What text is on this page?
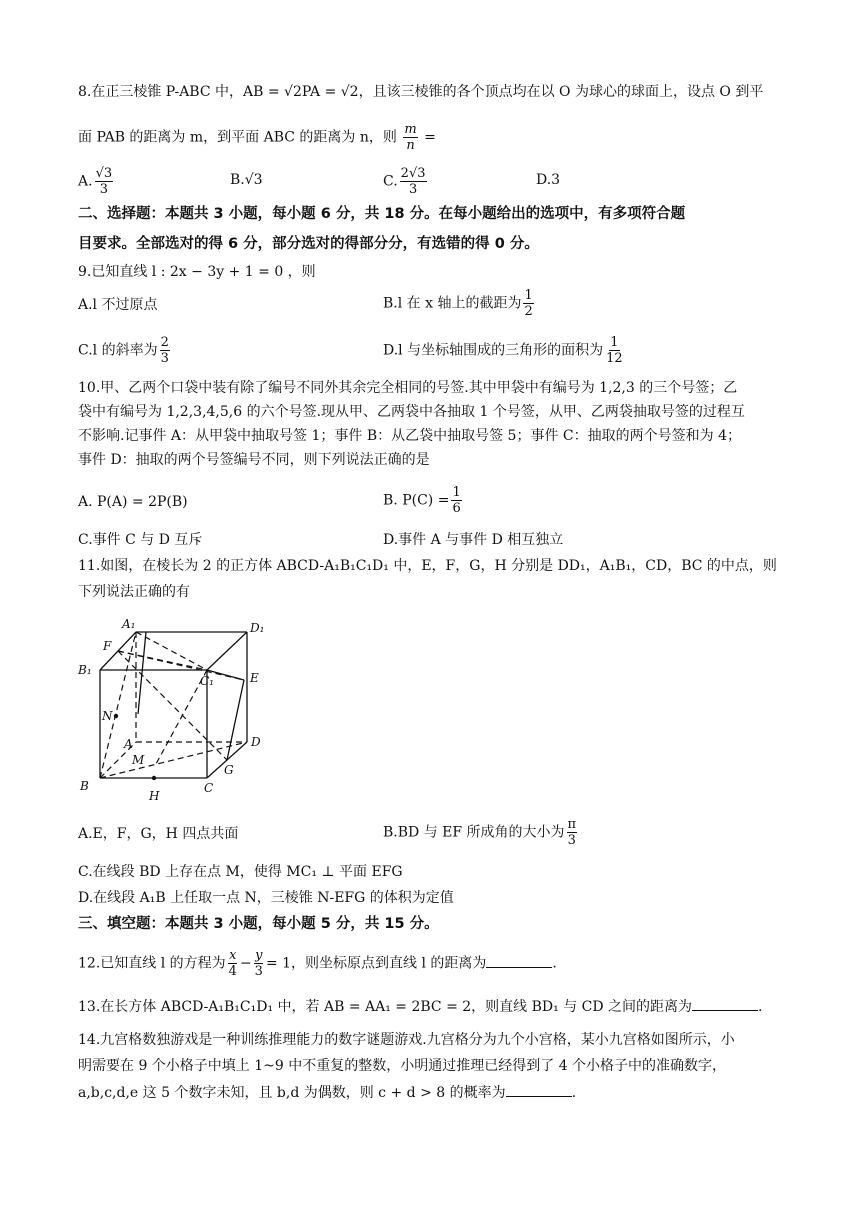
8.在正三棱锥 P-ABC 中，AB = √2PA = √2，且该三棱锥的各个顶点均在以 O 为球心的球面上，设点 O 到平
面 PAB 的距离为 m，到平面 ABC 的距离为 n，则 $\frac{m}{n}$ =
A. $\frac{√3}{3}$	B.√3	C. $\frac{2√3}{3}$	D.3
二、选择题：本题共 3 小题，每小题 6 分，共 18 分。在每小题给出的选项中，有多项符合题
目要求。全部选对的得 6 分，部分选对的得部分分，有选错的得 0 分。
9.已知直线 l : 2x − 3y + 1 = 0 ，则
A.l 不过原点	B.l 在 x 轴上的截距为 $\frac{1}{2}$
C.l 的斜率为 $\frac{2}{3}$	D.l 与坐标轴围成的三角形的面积为 $\frac{1}{12}$
10.甲、乙两个口袋中装有除了编号不同外其余完全相同的号签.其中甲袋中有编号为 1,2,3 的三个号签；乙
袋中有编号为 1,2,3,4,5,6 的六个号签.现从甲、乙两袋中各抽取 1 个号签，从甲、乙两袋抽取号签的过程互
不影响.记事件 A：从甲袋中抽取号签 1；事件 B：从乙袋中抽取号签 5；事件 C：抽取的两个号签和为 4；
事件 D：抽取的两个号签编号不同，则下列说法正确的是
A. P(A) = 2P(B)	B. $P(C) = \frac{1}{6}$
C.事件 C 与 D 互斥	D.事件 A 与事件 D 相互独立
11.如图，在棱长为 2 的正方体 ABCD-A₁B₁C₁D₁ 中，E，F，G，H 分别是 DD₁，A₁B₁，CD，BC 的中点，则
下列说法正确的有
A₁	D₁
F
B₁
C₁	E
N
A	D
M
G
B	C
H
A.E，F，G，H 四点共面	B.BD 与 EF 所成角的大小为 $\frac{\pi}{3}$
C.在线段 BD 上存在点 M，使得 MC₁ ⊥ 平面 EFG
D.在线段 A₁B 上任取一点 N，三棱锥 N-EFG 的体积为定值
三、填空题：本题共 3 小题，每小题 5 分，共 15 分。
12.已知直线 l 的方程为 $\frac{x}{4} - \frac{y}{3} = 1$，则坐标原点到直线 l 的距离为	.
13.在长方体 ABCD-A₁B₁C₁D₁ 中，若 AB = AA₁ = 2BC = 2，则直线 BD₁ 与 CD 之间的距离为	.
14.九宫格数独游戏是一种训练推理能力的数字谜题游戏.九宫格分为九个小宫格，某小九宫格如图所示，小
明需要在 9 个小格子中填上 1~9 中不重复的整数，小明通过推理已经得到了 4 个小格子中的准确数字，
a,b,c,d,e 这 5 个数字未知，且 b,d 为偶数，则 c + d > 8 的概率为	.
